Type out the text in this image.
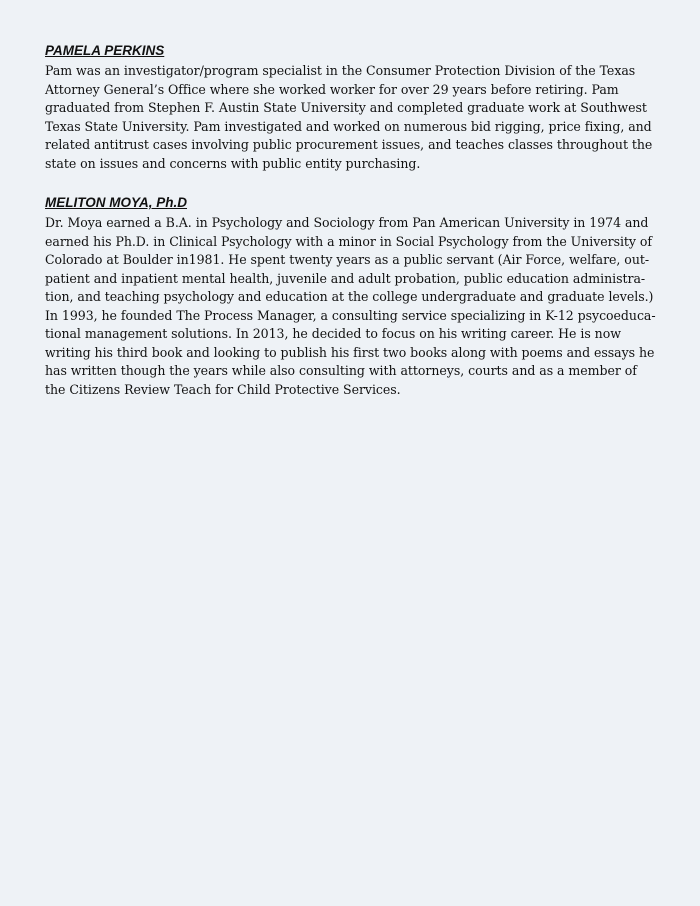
PAMELA PERKINS
Pam was an investigator/program specialist in the Consumer Protection Division of the Texas
Attorney General’s Office where she worked worker for over 29 years before retiring. Pam
graduated from Stephen F. Austin State University and completed graduate work at Southwest
Texas State University. Pam investigated and worked on numerous bid rigging, price fixing, and
related antitrust cases involving public procurement issues, and teaches classes throughout the
state on issues and concerns with public entity purchasing.
MELITON MOYA, Ph.D
Dr. Moya earned a B.A. in Psychology and Sociology from Pan American University in 1974 and
earned his Ph.D. in Clinical Psychology with a minor in Social Psychology from the University of
Colorado at Boulder in1981. He spent twenty years as a public servant (Air Force, welfare, out-
patient and inpatient mental health, juvenile and adult probation, public education administra-
tion, and teaching psychology and education at the college undergraduate and graduate levels.)
In 1993, he founded The Process Manager, a consulting service specializing in K-12 psycoeduca-
tional management solutions. In 2013, he decided to focus on his writing career. He is now
writing his third book and looking to publish his first two books along with poems and essays he
has written though the years while also consulting with attorneys, courts and as a member of
the Citizens Review Teach for Child Protective Services.
